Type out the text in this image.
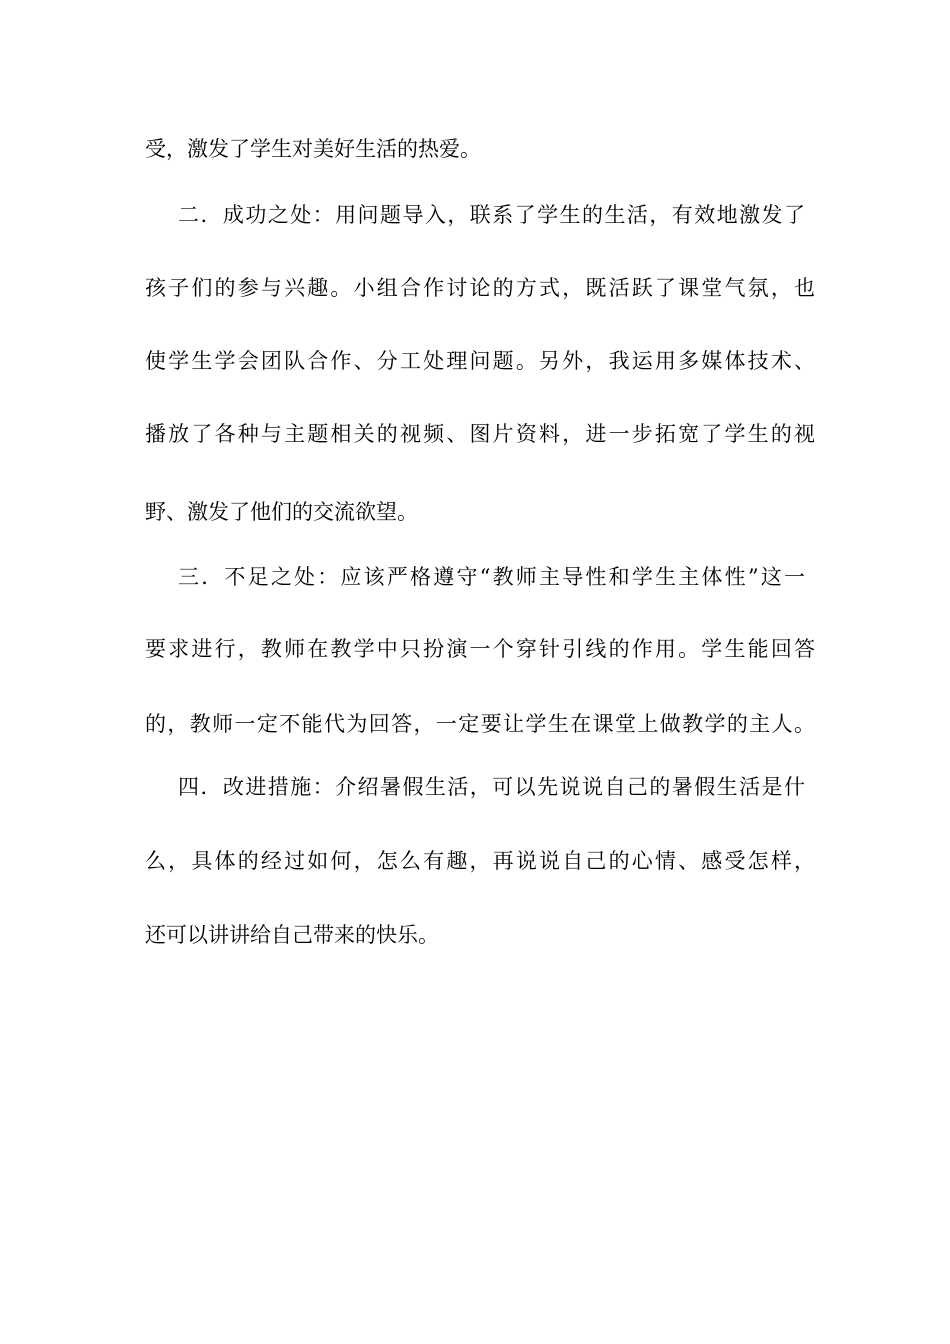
受，激发了学生对美好生活的热爱。
二．成功之处：用问题导入，联系了学生的生活，有效地激发了
孩子们的参与兴趣。小组合作讨论的方式，既活跃了课堂气氛，也
使学生学会团队合作、分工处理问题。另外，我运用多媒体技术、
播放了各种与主题相关的视频、图片资料，进一步拓宽了学生的视
野、激发了他们的交流欲望。
三．不足之处：应该严格遵守“教师主导性和学生主体性”这一
要求进行，教师在教学中只扮演一个穿针引线的作用。学生能回答
的，教师一定不能代为回答，一定要让学生在课堂上做教学的主人。
四．改进措施：介绍暑假生活，可以先说说自己的暑假生活是什
么，具体的经过如何，怎么有趣，再说说自己的心情、感受怎样，
还可以讲讲给自己带来的快乐。
